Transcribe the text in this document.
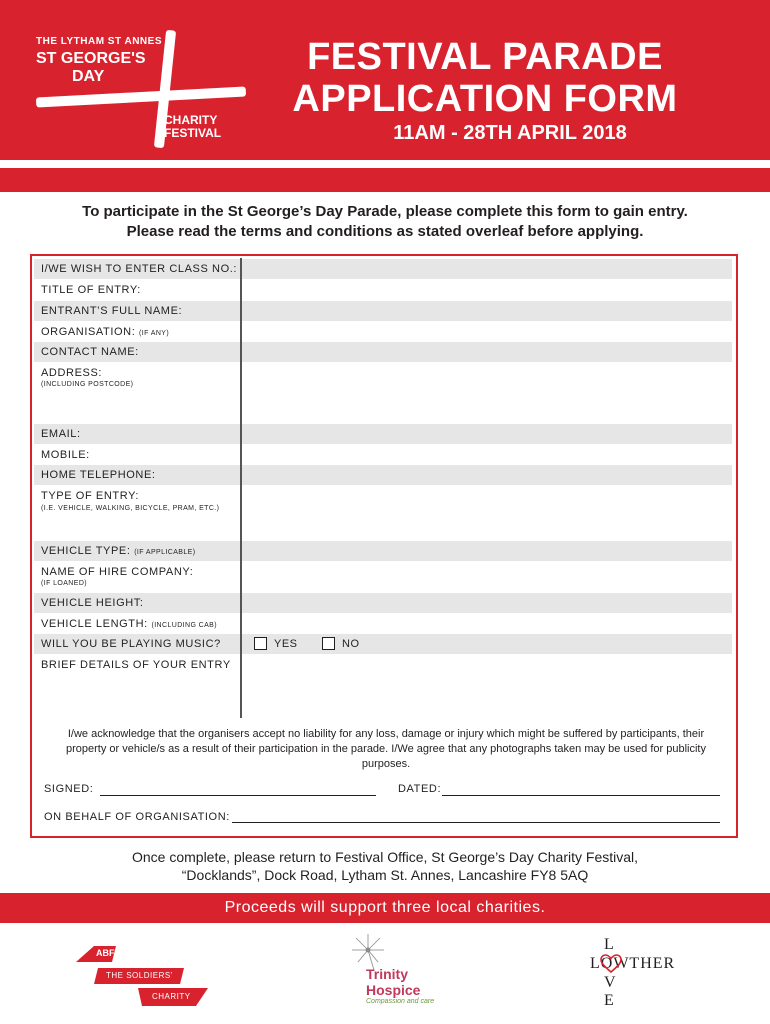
THE LYTHAM ST ANNES
ST GEORGE'S
DAY
CHARITY FESTIVAL
FESTIVAL PARADE
APPLICATION FORM
11AM - 28TH APRIL 2018
To participate in the St George’s Day Parade, please complete this form to gain entry.
Please read the terms and conditions as stated overleaf before applying.
I/WE WISH TO ENTER CLASS NO.:
TITLE OF ENTRY:
ENTRANT’S FULL NAME:
ORGANISATION: (IF ANY)
CONTACT NAME:
ADDRESS:
(INCLUDING POSTCODE)
EMAIL:
MOBILE:
HOME TELEPHONE:
TYPE OF ENTRY:
(I.E. VEHICLE, WALKING, BICYCLE, PRAM, ETC.)
VEHICLE TYPE: (IF APPLICABLE)
NAME OF HIRE COMPANY:
(IF LOANED)
VEHICLE HEIGHT:
VEHICLE LENGTH: (INCLUDING CAB)
WILL YOU BE PLAYING MUSIC?	YES	NO
BRIEF DETAILS OF YOUR ENTRY
I/we acknowledge that the organisers accept no liability for any loss, damage or injury which might be suffered by participants, their property or vehicle/s as a result of their participation in the parade. I/We agree that any photographs taken may be used for publicity purposes.
SIGNED:	DATED:
ON BEHALF OF ORGANISATION:
Once complete, please return to Festival Office, St George’s Day Charity Festival,
“Docklands”, Dock Road, Lytham St. Annes, Lancashire FY8 5AQ
Proceeds will support three local charities.
ABF
THE SOLDIERS’
CHARITY
Trinity
Hospice
Compassion and care
L
LOWTHER
V
E
